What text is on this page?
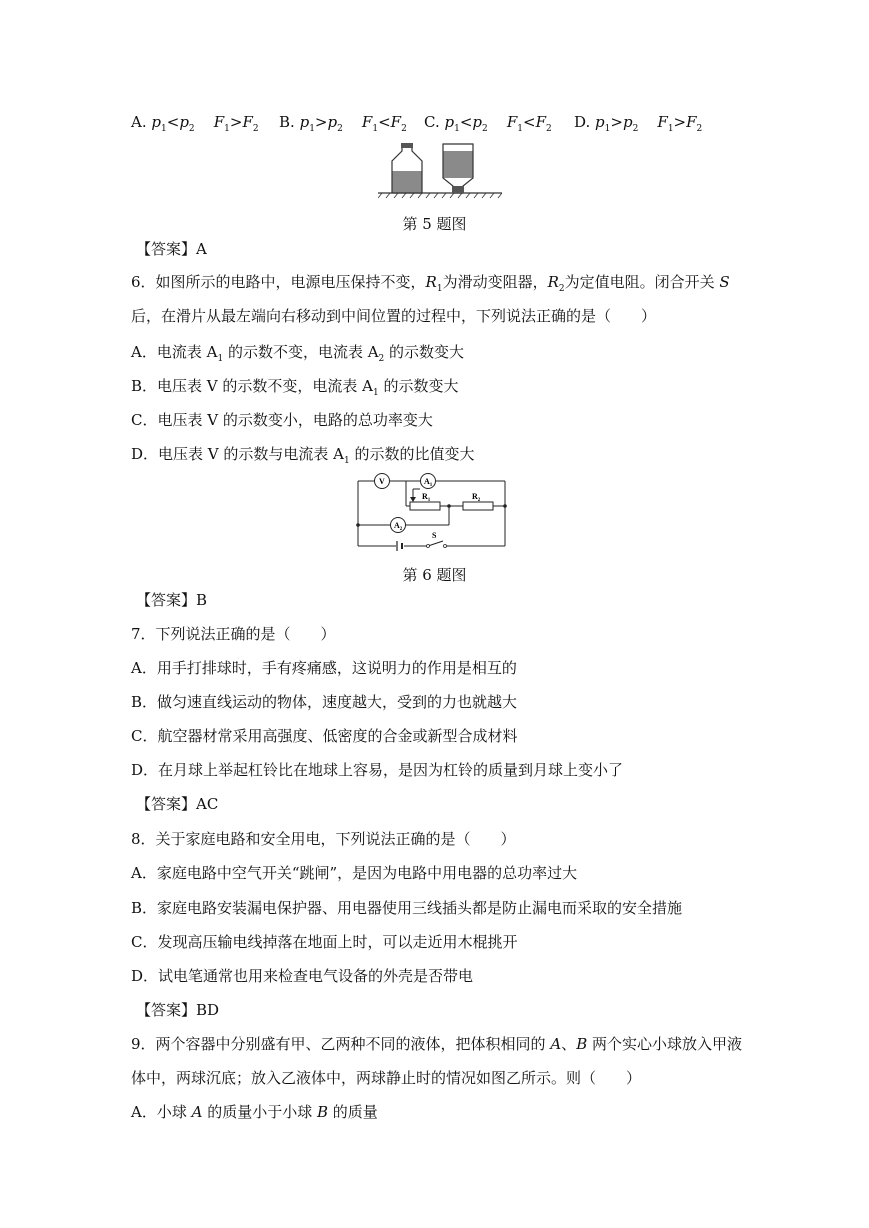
A. $p_1<p_2$ $F_1>F_2$ B. $p_1>p_2$ $F_1<F_2$ C. $p_1<p_2$ $F_1<F_2$ D. $p_1>p_2$ $F_1>F_2$
第 5 题图
【答案】A
6．如图所示的电路中，电源电压保持不变，$R_1$为滑动变阻器，$R_2$为定值电阻。闭合开关 S
后，在滑片从最左端向右移动到中间位置的过程中，下列说法正确的是（　　）
A．电流表 $A_1$ 的示数不变，电流表 $A_2$ 的示数变大
B．电压表 V 的示数不变，电流表 $A_1$ 的示数变大
C．电压表 V 的示数变小，电路的总功率变大
D．电压表 V 的示数与电流表 $A_1$ 的示数的比值变大
V	$A_1$
$A_2$
$R_1$	$R_2$
S
第 6 题图
【答案】B
7．下列说法正确的是（　　）
A．用手打排球时，手有疼痛感，这说明力的作用是相互的
B．做匀速直线运动的物体，速度越大，受到的力也就越大
C．航空器材常采用高强度、低密度的合金或新型合成材料
D．在月球上举起杠铃比在地球上容易，是因为杠铃的质量到月球上变小了
【答案】AC
8．关于家庭电路和安全用电，下列说法正确的是（　　）
A．家庭电路中空气开关“跳闸”，是因为电路中用电器的总功率过大
B．家庭电路安装漏电保护器、用电器使用三线插头都是防止漏电而采取的安全措施
C．发现高压输电线掉落在地面上时，可以走近用木棍挑开
D．试电笔通常也用来检查电气设备的外壳是否带电
【答案】BD
9．两个容器中分别盛有甲、乙两种不同的液体，把体积相同的 A、B 两个实心小球放入甲液
体中，两球沉底；放入乙液体中，两球静止时的情况如图乙所示。则（　　）
A．小球 A 的质量小于小球 B 的质量
